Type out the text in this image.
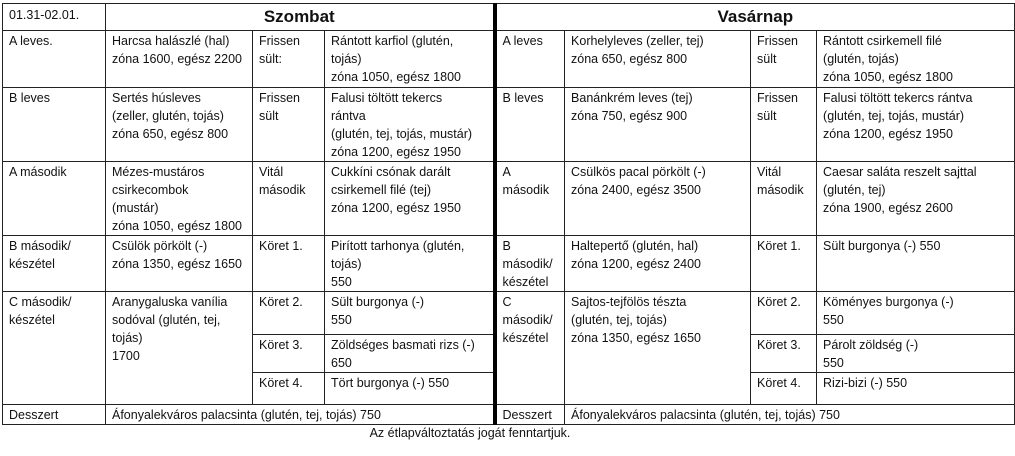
01.31-02.01.	Szombat			Vasárnap			

A leves.	Harcsa halászlé (hal)
zóna 1600, egész 2200	Frissen
sült:	Rántott karfiol (glutén,
tojás)
zóna 1050, egész 1800	A leves	Korhelyleves (zeller, tej)
zóna 650, egész 800	Frissen
sült	Rántott csirkemell filé
(glutén, tojás)
zóna 1050, egész 1800

B leves	Sertés húsleves
(zeller, glutén, tojás)
zóna 650, egész 800	Frissen
sült	Falusi töltött tekercs
rántva
(glutén, tej, tojás, mustár)
zóna 1200, egész 1950	B leves	Banánkrém leves (tej)
zóna 750, egész 900	Frissen
sült	Falusi töltött tekercs rántva
(glutén, tej, tojás, mustár)
zóna 1200, egész 1950

A második	Mézes-mustáros
csirkecombok
(mustár)
zóna 1050, egész 1800	Vitál
második	Cukkíni csónak darált
csirkemell filé (tej)
zóna 1200, egész 1950	A
második	Csülkös pacal pörkölt (-)
zóna 2400, egész 3500	Vitál
második	Caesar saláta reszelt sajttal
(glutén, tej)
zóna 1900, egész 2600

B második/
készétel	Csülök pörkölt (-)
zóna 1350, egész 1650	Köret 1.	Pirított tarhonya (glutén,
tojás)
550	B
második/
készétel	Haltepertő (glutén, hal)
zóna 1200, egész 2400	Köret 1.	Sült burgonya (-) 550

C második/
készétel	Aranygaluska vanília
sodóval (glutén, tej,
tojás)
1700	Köret 2.	Sült burgonya (-)
550	C
második/
készétel	Sajtos-tejfölös tészta
(glutén, tej, tojás)
zóna 1350, egész 1650	Köret 2.	Köményes burgonya (-)
550

		Köret 3.	Zöldséges basmati rizs (-)
650			Köret 3.	Párolt zöldség (-)
550

		Köret 4.	Tört burgonya (-) 550			Köret 4.	Rizi-bizi (-) 550

Desszert	Áfonyalekváros palacsinta (glutén, tej, tojás) 750			Desszert	Áfonyalekváros palacsinta (glutén, tej, tojás) 750		
Az étlapváltoztatás jogát fenntartjuk.
